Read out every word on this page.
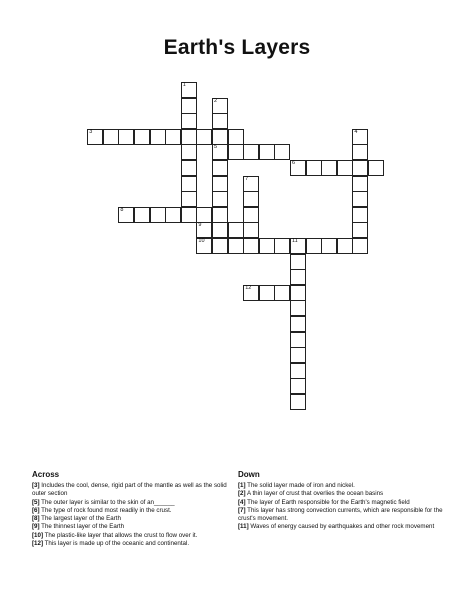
Earth's Layers
1
2
5
3	4
6
7
8
9
10	11
12
Across
[3] Includes the cool, dense, rigid part of the mantle as well as the solid outer section
[5] The outer layer is similar to the skin of an______
[6] The type of rock found most readily in the crust.
[8] The largest layer of the Earth
[9] The thinnest layer of the Earth
[10] The plastic-like layer that allows the crust to flow over it.
[12] This layer is made up of the oceanic and continental.
Down
[1] The solid layer made of iron and nickel.
[2] A thin layer of crust that overlies the ocean basins
[4] The layer of Earth responsible for the Earth's magnetic field
[7] This layer has strong convection currents, which are responsible for the crust's movement.
[11] Waves of energy caused by earthquakes and other rock movement
